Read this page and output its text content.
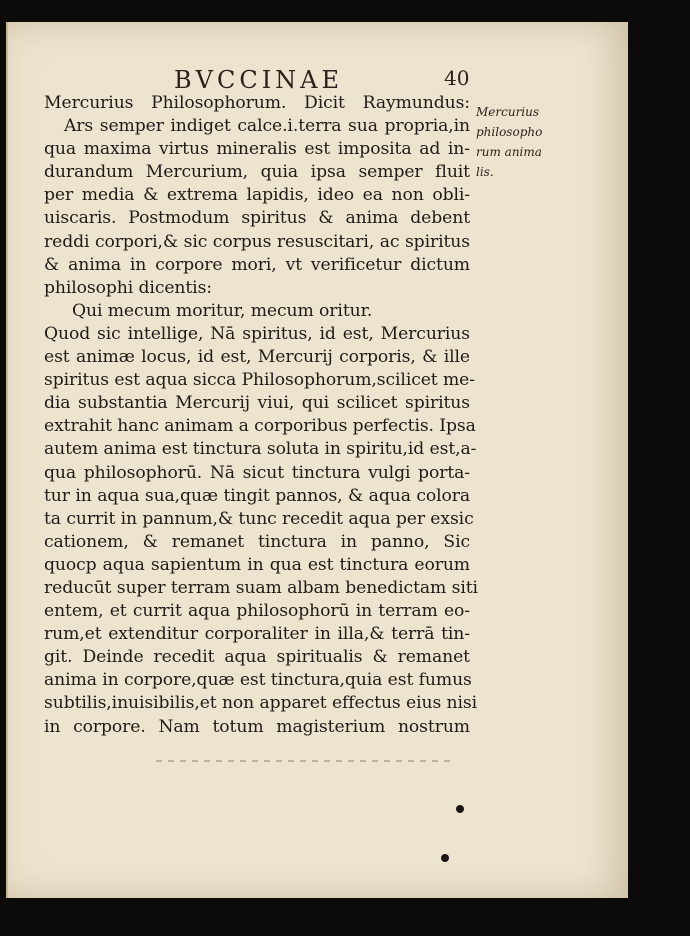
BVCCINAE	40
Mercurius Philosophorum. Dicit Raymundus:
Ars semper indiget calce.i.terra sua propria,in
qua maxima virtus mineralis est imposita ad in-
durandum Mercurium, quia ipsa semper fluit
per media & extrema lapidis, ideo ea non obli-
uiscaris. Postmodum spiritus & anima debent
reddi corpori,& sic corpus resuscitari, ac spiritus
& anima in corpore mori, vt verificetur dictum
philosophi dicentis:
Qui mecum moritur, mecum oritur.
Quod sic intellige, Nā spiritus, id est, Mercurius
est animæ locus, id est, Mercurij corporis, & ille
spiritus est aqua sicca Philosophorum,scilicet me-
dia substantia Mercurij viui, qui scilicet spiritus
extrahit hanc animam a corporibus perfectis. Ipsa
autem anima est tinctura soluta in spiritu,id est,a-
qua philosophorū. Nā sicut tinctura vulgi porta-
tur in aqua sua,quæ tingit pannos, & aqua colora
ta currit in pannum,& tunc recedit aqua per exsic
cationem, & remanet tinctura in panno, Sic
quocp aqua sapientum in qua est tinctura eorum
reducūt super terram suam albam benedictam siti
entem, et currit aqua philosophorū in terram eo-
rum,et extenditur corporaliter in illa,& terrā tin-
git. Deinde recedit aqua spiritualis & remanet
anima in corpore,quæ est tinctura,quia est fumus
subtilis,inuisibilis,et non apparet effectus eius nisi
in corpore. Nam totum magisterium nostrum
Mercurius
philosopho
rum anima
lis.
